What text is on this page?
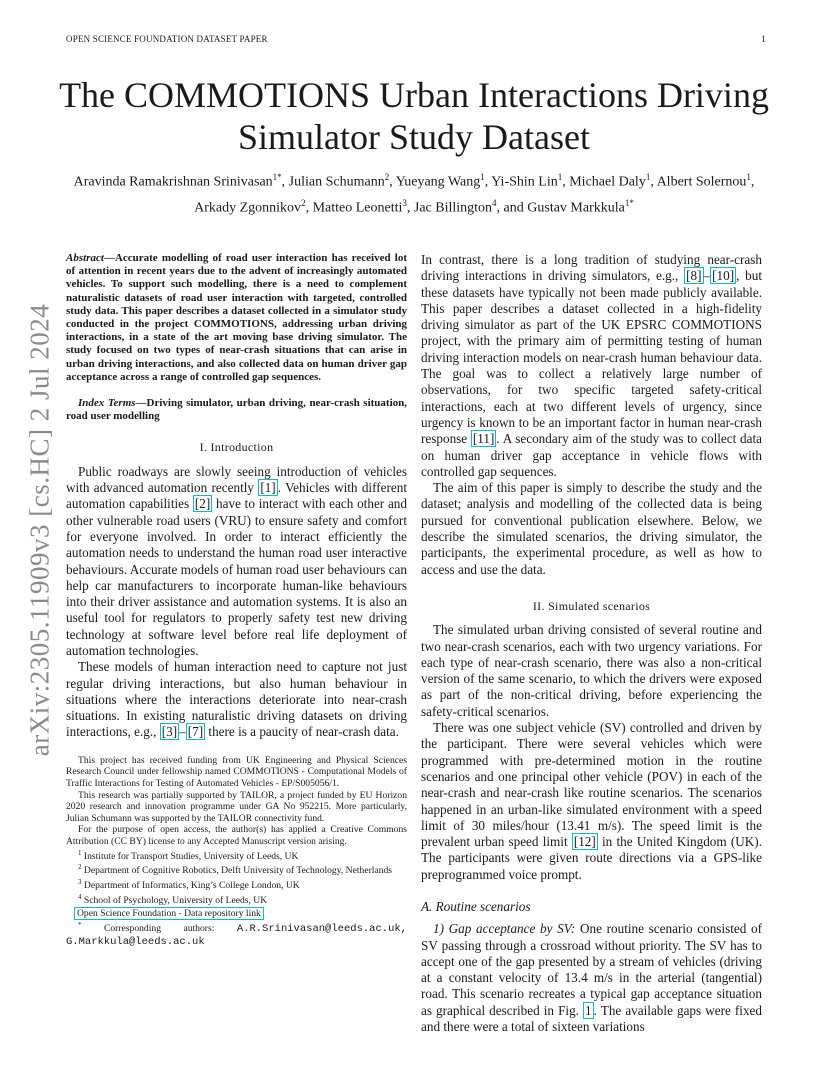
OPEN SCIENCE FOUNDATION DATASET PAPER	1
The COMMOTIONS Urban Interactions Driving Simulator Study Dataset
Aravinda Ramakrishnan Srinivasan$^{1*}$, Julian Schumann$^2$, Yueyang Wang$^1$, Yi-Shin Lin$^1$, Michael Daly$^1$, Albert Solernou$^1$, Arkady Zgonnikov$^2$, Matteo Leonetti$^3$, Jac Billington$^4$, and Gustav Markkula$^{1*}$
arXiv:2305.11909v3 [cs.HC] 2 Jul 2024

Abstract—Accurate modelling of road user interaction has received lot of attention in recent years due to the advent of increasingly automated vehicles. To support such modelling, there is a need to complement naturalistic datasets of road user interaction with targeted, controlled study data. This paper describes a dataset collected in a simulator study conducted in the project COMMOTIONS, addressing urban driving interactions, in a state of the art moving base driving simulator. The study focused on two types of near-crash situations that can arise in urban driving interactions, and also collected data on human driver gap acceptance across a range of controlled gap sequences.

Index Terms—Driving simulator, urban driving, near-crash situation, road user modelling

I. Introduction

Public roadways are slowly seeing introduction of vehicles with advanced automation recently [1] . Vehicles with different automation capabilities [2] have to interact with each other and other vulnerable road users (VRU) to ensure safety and comfort for everyone involved. In order to interact efficiently the automation needs to understand the human road user interactive behaviours. Accurate models of human road user behaviours can help car manufacturers to incorporate human-like behaviours into their driver assistance and automation systems. It is also an useful tool for regulators to properly safety test new driving technology at software level before real life deployment of automation technologies.

These models of human interaction need to capture not just regular driving interactions, but also human behaviour in situations where the interactions deteriorate into near-crash situations. In existing naturalistic driving datasets on driving interactions, e.g., [3] – [7] there is a paucity of near-crash data.

This project has received funding from UK Engineering and Physical Sciences Research Council under fellowship named COMMOTIONS - Computational Models of Traffic Interactions for Testing of Automated Vehicles - EP/S005056/1.

This research was partially supported by TAILOR, a project funded by EU Horizon 2020 research and innovation programme under GA No 952215. More particularly, Julian Schumann was supported by the TAILOR connectivity fund.

For the purpose of open access, the author(s) has applied a Creative Commons Attribution (CC BY) license to any Accepted Manuscript version arising.

$^1$ Institute for Transport Studies, University of Leeds, UK

$^2$ Department of Cognitive Robotics, Delft University of Technology, Netherlands

$^3$ Department of Informatics, King’s College London, UK

$^4$ School of Psychology, University of Leeds, UK

Open Science Foundation - Data repository link

* Corresponding authors: A.R.Srinivasan@leeds.ac.uk, G.Markkula@leeds.ac.uk

In contrast, there is a long tradition of studying near-crash driving interactions in driving simulators, e.g., [8] – [10] , but these datasets have typically not been made publicly available. This paper describes a dataset collected in a high-fidelity driving simulator as part of the UK EPSRC COMMOTIONS project, with the primary aim of permitting testing of human driving interaction models on near-crash human behaviour data. The goal was to collect a relatively large number of observations, for two specific targeted safety-critical interactions, each at two different levels of urgency, since urgency is known to be an important factor in human near-crash response [11] . A secondary aim of the study was to collect data on human driver gap acceptance in vehicle flows with controlled gap sequences.

The aim of this paper is simply to describe the study and the dataset; analysis and modelling of the collected data is being pursued for conventional publication elsewhere. Below, we describe the simulated scenarios, the driving simulator, the participants, the experimental procedure, as well as how to access and use the data.

II. Simulated scenarios

The simulated urban driving consisted of several routine and two near-crash scenarios, each with two urgency variations. For each type of near-crash scenario, there was also a non-critical version of the same scenario, to which the drivers were exposed as part of the non-critical driving, before experiencing the safety-critical scenarios.

There was one subject vehicle (SV) controlled and driven by the participant. There were several vehicles which were programmed with pre-determined motion in the routine scenarios and one principal other vehicle (POV) in each of the near-crash and near-crash like routine scenarios. The scenarios happened in an urban-like simulated environment with a speed limit of 30 miles/hour (13.41 m/s). The speed limit is the prevalent urban speed limit [12] in the United Kingdom (UK). The participants were given route directions via a GPS-like preprogrammed voice prompt.

A. Routine scenarios

1) Gap acceptance by SV: One routine scenario consisted of SV passing through a crossroad without priority. The SV has to accept one of the gap presented by a stream of vehicles (driving at a constant velocity of 13.4 m/s in the arterial (tangential) road. This scenario recreates a typical gap acceptance situation as graphical described in Fig. 1 . The available gaps were fixed and there were a total of sixteen variations
